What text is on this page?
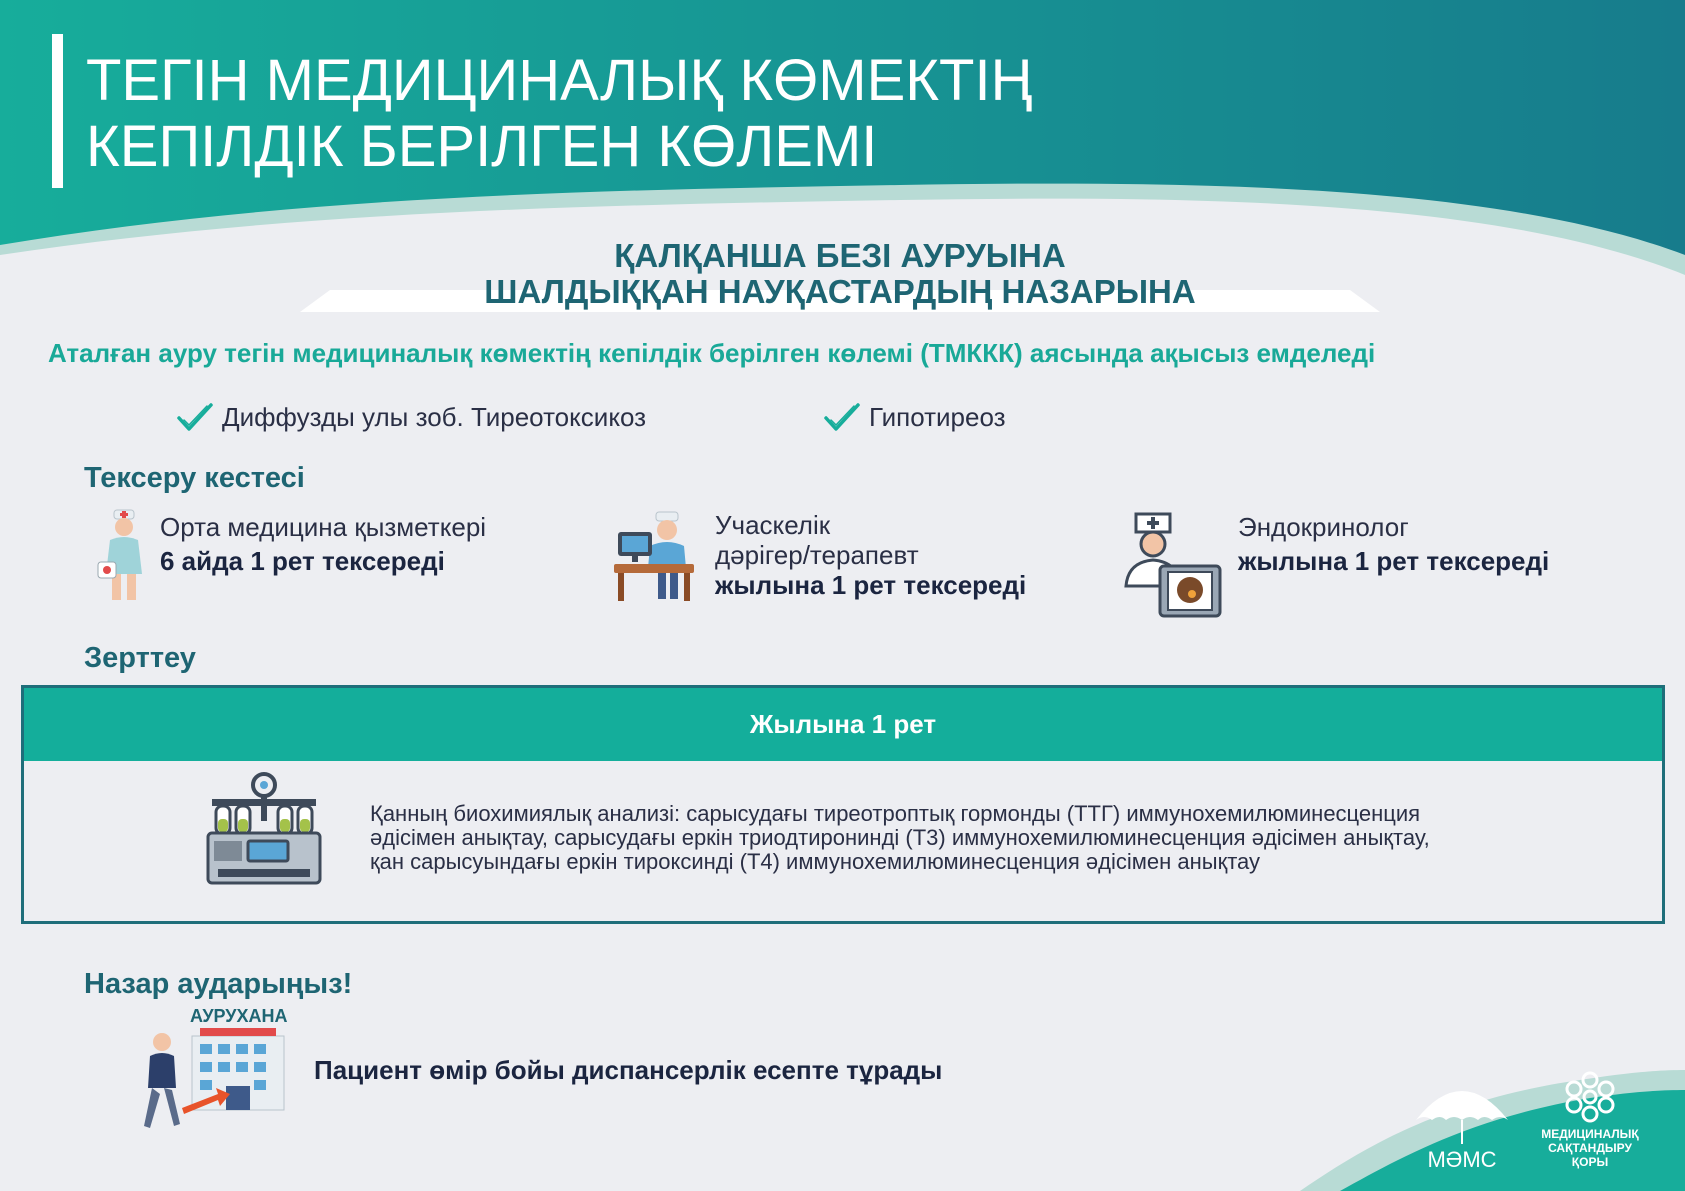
ТЕГІН МЕДИЦИНАЛЫҚ КӨМЕКТІҢ
КЕПІЛДІК БЕРІЛГЕН КӨЛЕМІ
ҚАЛҚАНША БЕЗІ АУРУЫНА
ШАЛДЫҚҚАН НАУҚАСТАРДЫҢ НАЗАРЫНА

Аталған ауру тегін медициналық көмектің кепілдік берілген көлемі (ТМККК) аясында ақысыз емделеді

Диффузды улы зоб. Тиреотоксикоз	Гипотиреоз
Тексеру кестесі
Орта медицина қызметкері
6 айда 1 рет тексереді
Учаскелік
дәрігер/терапевт
жылына 1 рет тексереді
Эндокринолог
жылына 1 рет тексереді
Зерттеу
Жылына 1 рет

Қанның биохимиялық анализі: сарысудағы тиреотроптық гормонды (ТТГ) иммунохемилюминесценция
әдісімен анықтау, сарысудағы еркін триодтиронинді (Т3) иммунохемилюминесценция әдісімен анықтау,
қан сарысуындағы еркін тироксинді (Т4) иммунохемилюминесценция әдісімен анықтау

Назар аударыңыз!
АУРУХАНА

Пациент өмір бойы диспансерлік есепте тұрады

МӘМС
МЕДИЦИНАЛЫҚ
САҚТАНДЫРУ
ҚОРЫ
